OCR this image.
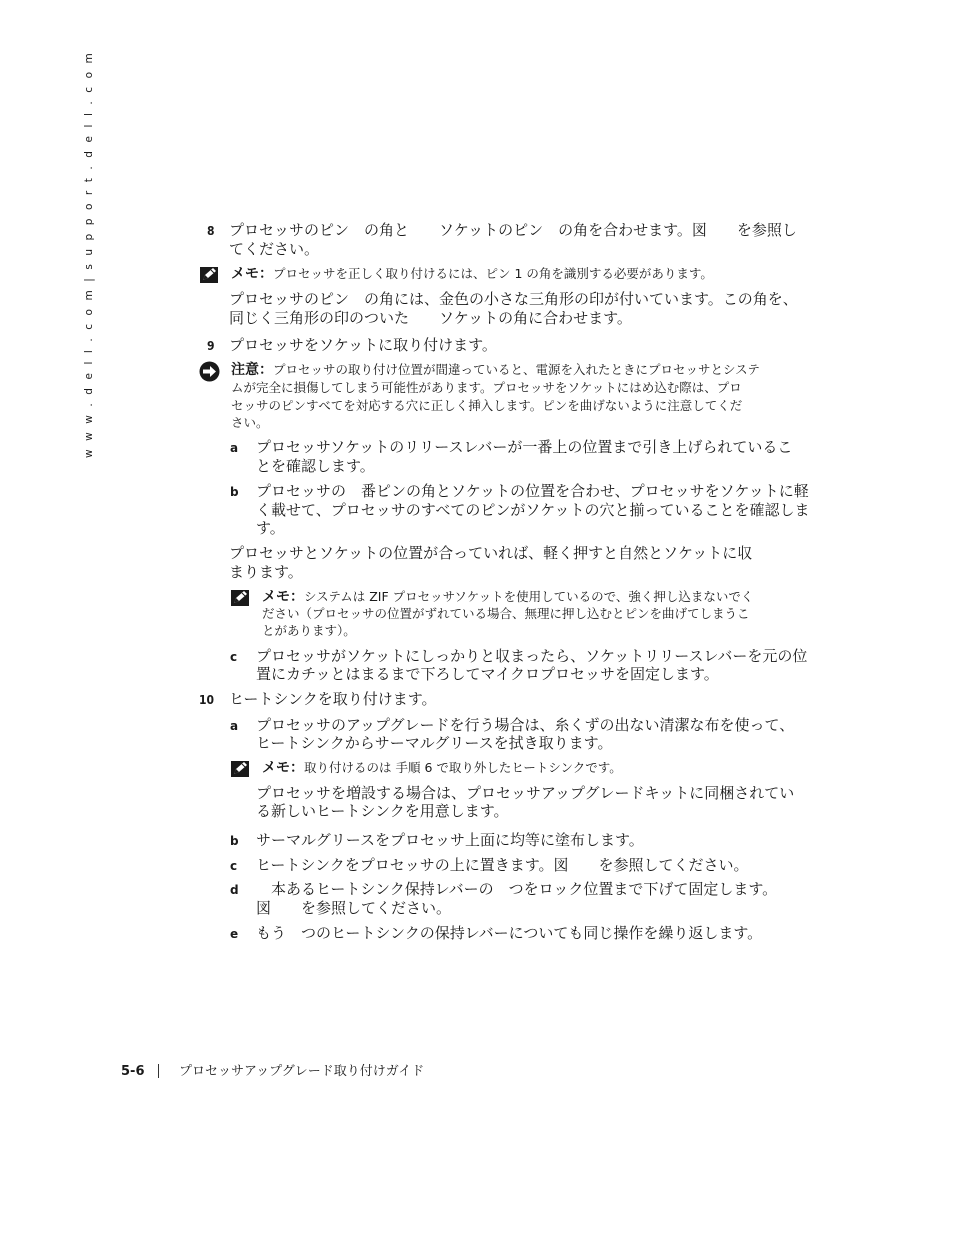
w w w . d e l l . c o m | s u p p o r t . d e l l . c o m	8 プロセッサのピン　の角と　　ソケットのピン　の角を合わせます。図　　を参照し

てください。

メモ：プロセッサを正しく取り付けるには、ピン 1 の角を識別する必要があります。

プロセッサのピン　の角には、金色の小さな三角形の印が付いています。この角を、

同じく三角形の印のついた　　ソケットの角に合わせます。

9 プロセッサをソケットに取り付けます。

注意：プロセッサの取り付け位置が間違っていると、電源を入れたときにプロセッサとシステ

ムが完全に損傷してしまう可能性があります。プロセッサをソケットにはめ込む際は、プロ

セッサのピンすべてを対応する穴に正しく挿入します。ピンを曲げないように注意してくだ

さい。

a プロセッサソケットのリリースレバーが一番上の位置まで引き上げられているこ

とを確認します。

b プロセッサの　番ピンの角とソケットの位置を合わせ、プロセッサをソケットに軽

く載せて、プロセッサのすべてのピンがソケットの穴と揃っていることを確認しま

す。

プロセッサとソケットの位置が合っていれば、軽く押すと自然とソケットに収

まります。

メモ：システムは ZIF プロセッサソケットを使用しているので、強く押し込まないでく

ださい（プロセッサの位置がずれている場合、無理に押し込むとピンを曲げてしまうこ

とがあります）。

c プロセッサがソケットにしっかりと収まったら、ソケットリリースレバーを元の位

置にカチッとはまるまで下ろしてマイクロプロセッサを固定します。

10 ヒートシンクを取り付けます。

a プロセッサのアップグレードを行う場合は、糸くずの出ない清潔な布を使って、

ヒートシンクからサーマルグリースを拭き取ります。

メモ：取り付けるのは 手順 6 で取り外したヒートシンクです。

プロセッサを増設する場合は、プロセッサアップグレードキットに同梱されてい

る新しいヒートシンクを用意します。

b サーマルグリースをプロセッサ上面に均等に塗布します。

c ヒートシンクをプロセッサの上に置きます。図　　を参照してください。

d 　本あるヒートシンク保持レバーの　つをロック位置まで下げて固定します。

図　　を参照してください。

e もう　つのヒートシンクの保持レバーについても同じ操作を繰り返します。

5-6	プロセッサアップグレード取り付けガイド
